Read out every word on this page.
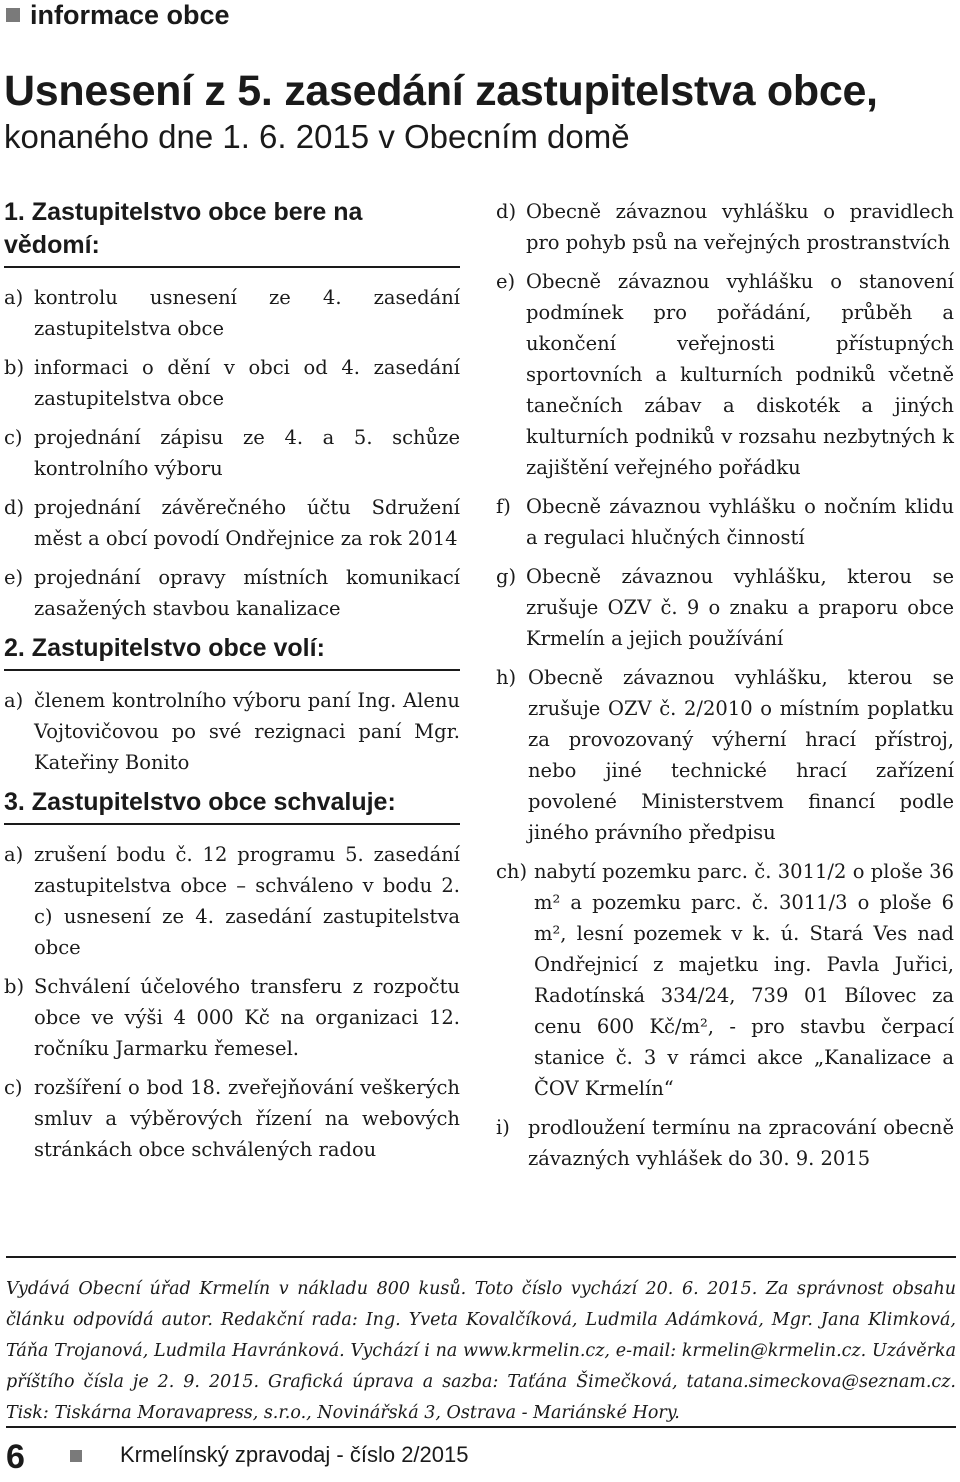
informace obce
Usnesení z 5. zasedání zastupitelstva obce,
konaného dne 1. 6. 2015 v Obecním domě
1. Zastupitelstvo obce bere na vědomí:
a) kontrolu usnesení ze 4. zasedání zastupitelstva obce
b) informaci o dění v obci od 4. zasedání zastupitelstva obce
c) projednání zápisu ze 4. a 5. schůze kontrolního výboru
d) projednání závěrečného účtu Sdružení měst a obcí povodí Ondřejnice za rok 2014
e) projednání opravy místních komunikací zasažených stavbou kanalizace
2. Zastupitelstvo obce volí:
a) členem kontrolního výboru paní Ing. Alenu Vojtovičovou po své rezignaci paní Mgr. Kateřiny Bonito
3. Zastupitelstvo obce schvaluje:
a) zrušení bodu č. 12 programu 5. zasedání zastupitelstva obce – schváleno v bodu 2. c) usnesení ze 4. zasedání zastupitelstva obce
b) Schválení účelového transferu z rozpočtu obce ve výši 4 000 Kč na organizaci 12. ročníku Jarmarku řemesel.
c) rozšíření o bod 18. zveřejňování veškerých smluv a výběrových řízení na webových stránkách obce schválených radou
d) Obecně závaznou vyhlášku o pravidlech pro pohyb psů na veřejných prostranstvích
e) Obecně závaznou vyhlášku o stanovení podmínek pro pořádání, průběh a ukončení veřejnosti přístupných sportovních a kulturních podniků včetně tanečních zábav a diskoték a jiných kulturních podniků v rozsahu nezbytných k zajištění veřejného pořádku
f) Obecně závaznou vyhlášku o nočním klidu a regulaci hlučných činností
g) Obecně závaznou vyhlášku, kterou se zrušuje OZV č. 9 o znaku a praporu obce Krmelín a jejich používání
h) Obecně závaznou vyhlášku, kterou se zrušuje OZV č. 2/2010 o místním poplatku za provozovaný výherní hrací přístroj, nebo jiné technické hrací zařízení povolené Ministerstvem financí podle jiného právního předpisu
ch) nabytí pozemku parc. č. 3011/2 o ploše 36 m² a pozemku parc. č. 3011/3 o ploše 6 m², lesní pozemek v k. ú. Stará Ves nad Ondřejnicí z majetku ing. Pavla Juřici, Radotínská 334/24, 739 01 Bílovec za cenu 600 Kč/m², - pro stavbu čerpací stanice č. 3 v rámci akce „Kanalizace a ČOV Krmelín“
i) prodloužení termínu na zpracování obecně závazných vyhlášek do 30. 9. 2015
Vydává Obecní úřad Krmelín v nákladu 800 kusů. Toto číslo vychází 20. 6. 2015. Za správnost obsahu článku odpovídá autor. Redakční rada: Ing. Yveta Kovalčíková, Ludmila Adámková, Mgr. Jana Klimková, Táňa Trojanová, Ludmila Havránková. Vychází i na www.krmelin.cz, e-mail: krmelin@krmelin.cz. Uzávěrka příštího čísla je 2. 9. 2015. Grafická úprava a sazba: Taťána Šimečková, tatana.simeckova@seznam.cz. Tisk: Tiskárna Moravapress, s.r.o., Novinářská 3, Ostrava - Mariánské Hory.
6	Krmelínský zpravodaj - číslo 2/2015
